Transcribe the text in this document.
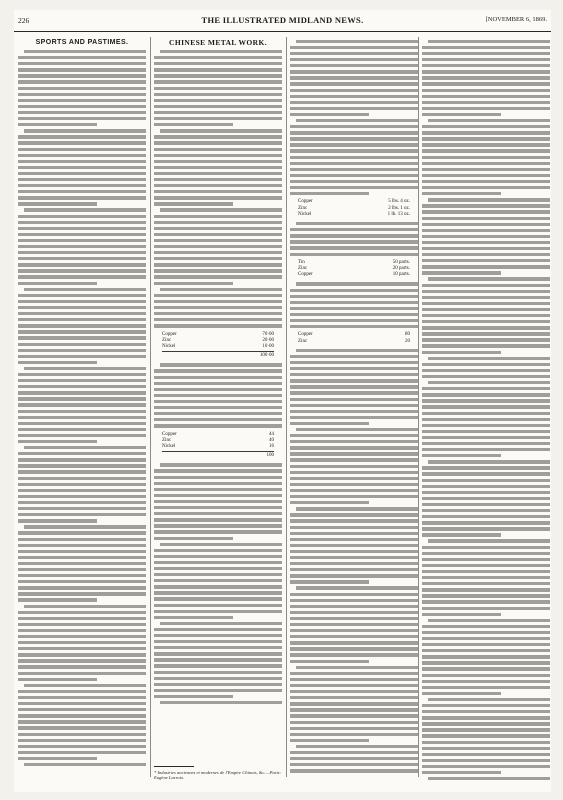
226	THE ILLUSTRATED MIDLAND NEWS.	[NOVEMBER 6, 1869.
SPORTS AND PASTIMES.	CHINESE METAL WORK.
Copper	70·00
Zinc	20·00
Nickel	10·00
100·00
Copper	44
Zinc	40
Nickel	16
100
* Industries anciennes et modernes de l'Empire Chinois, &c.—Paris: Eugène Lacroix.
Copper	5 lbs. 4 oz.
Zinc	2 lbs. 1 oz.
Nickel	1 lb. 13 oz.
Tin	50 parts.
Zinc	20 parts.
Copper	10 parts.
Copper	80
Zinc	20
